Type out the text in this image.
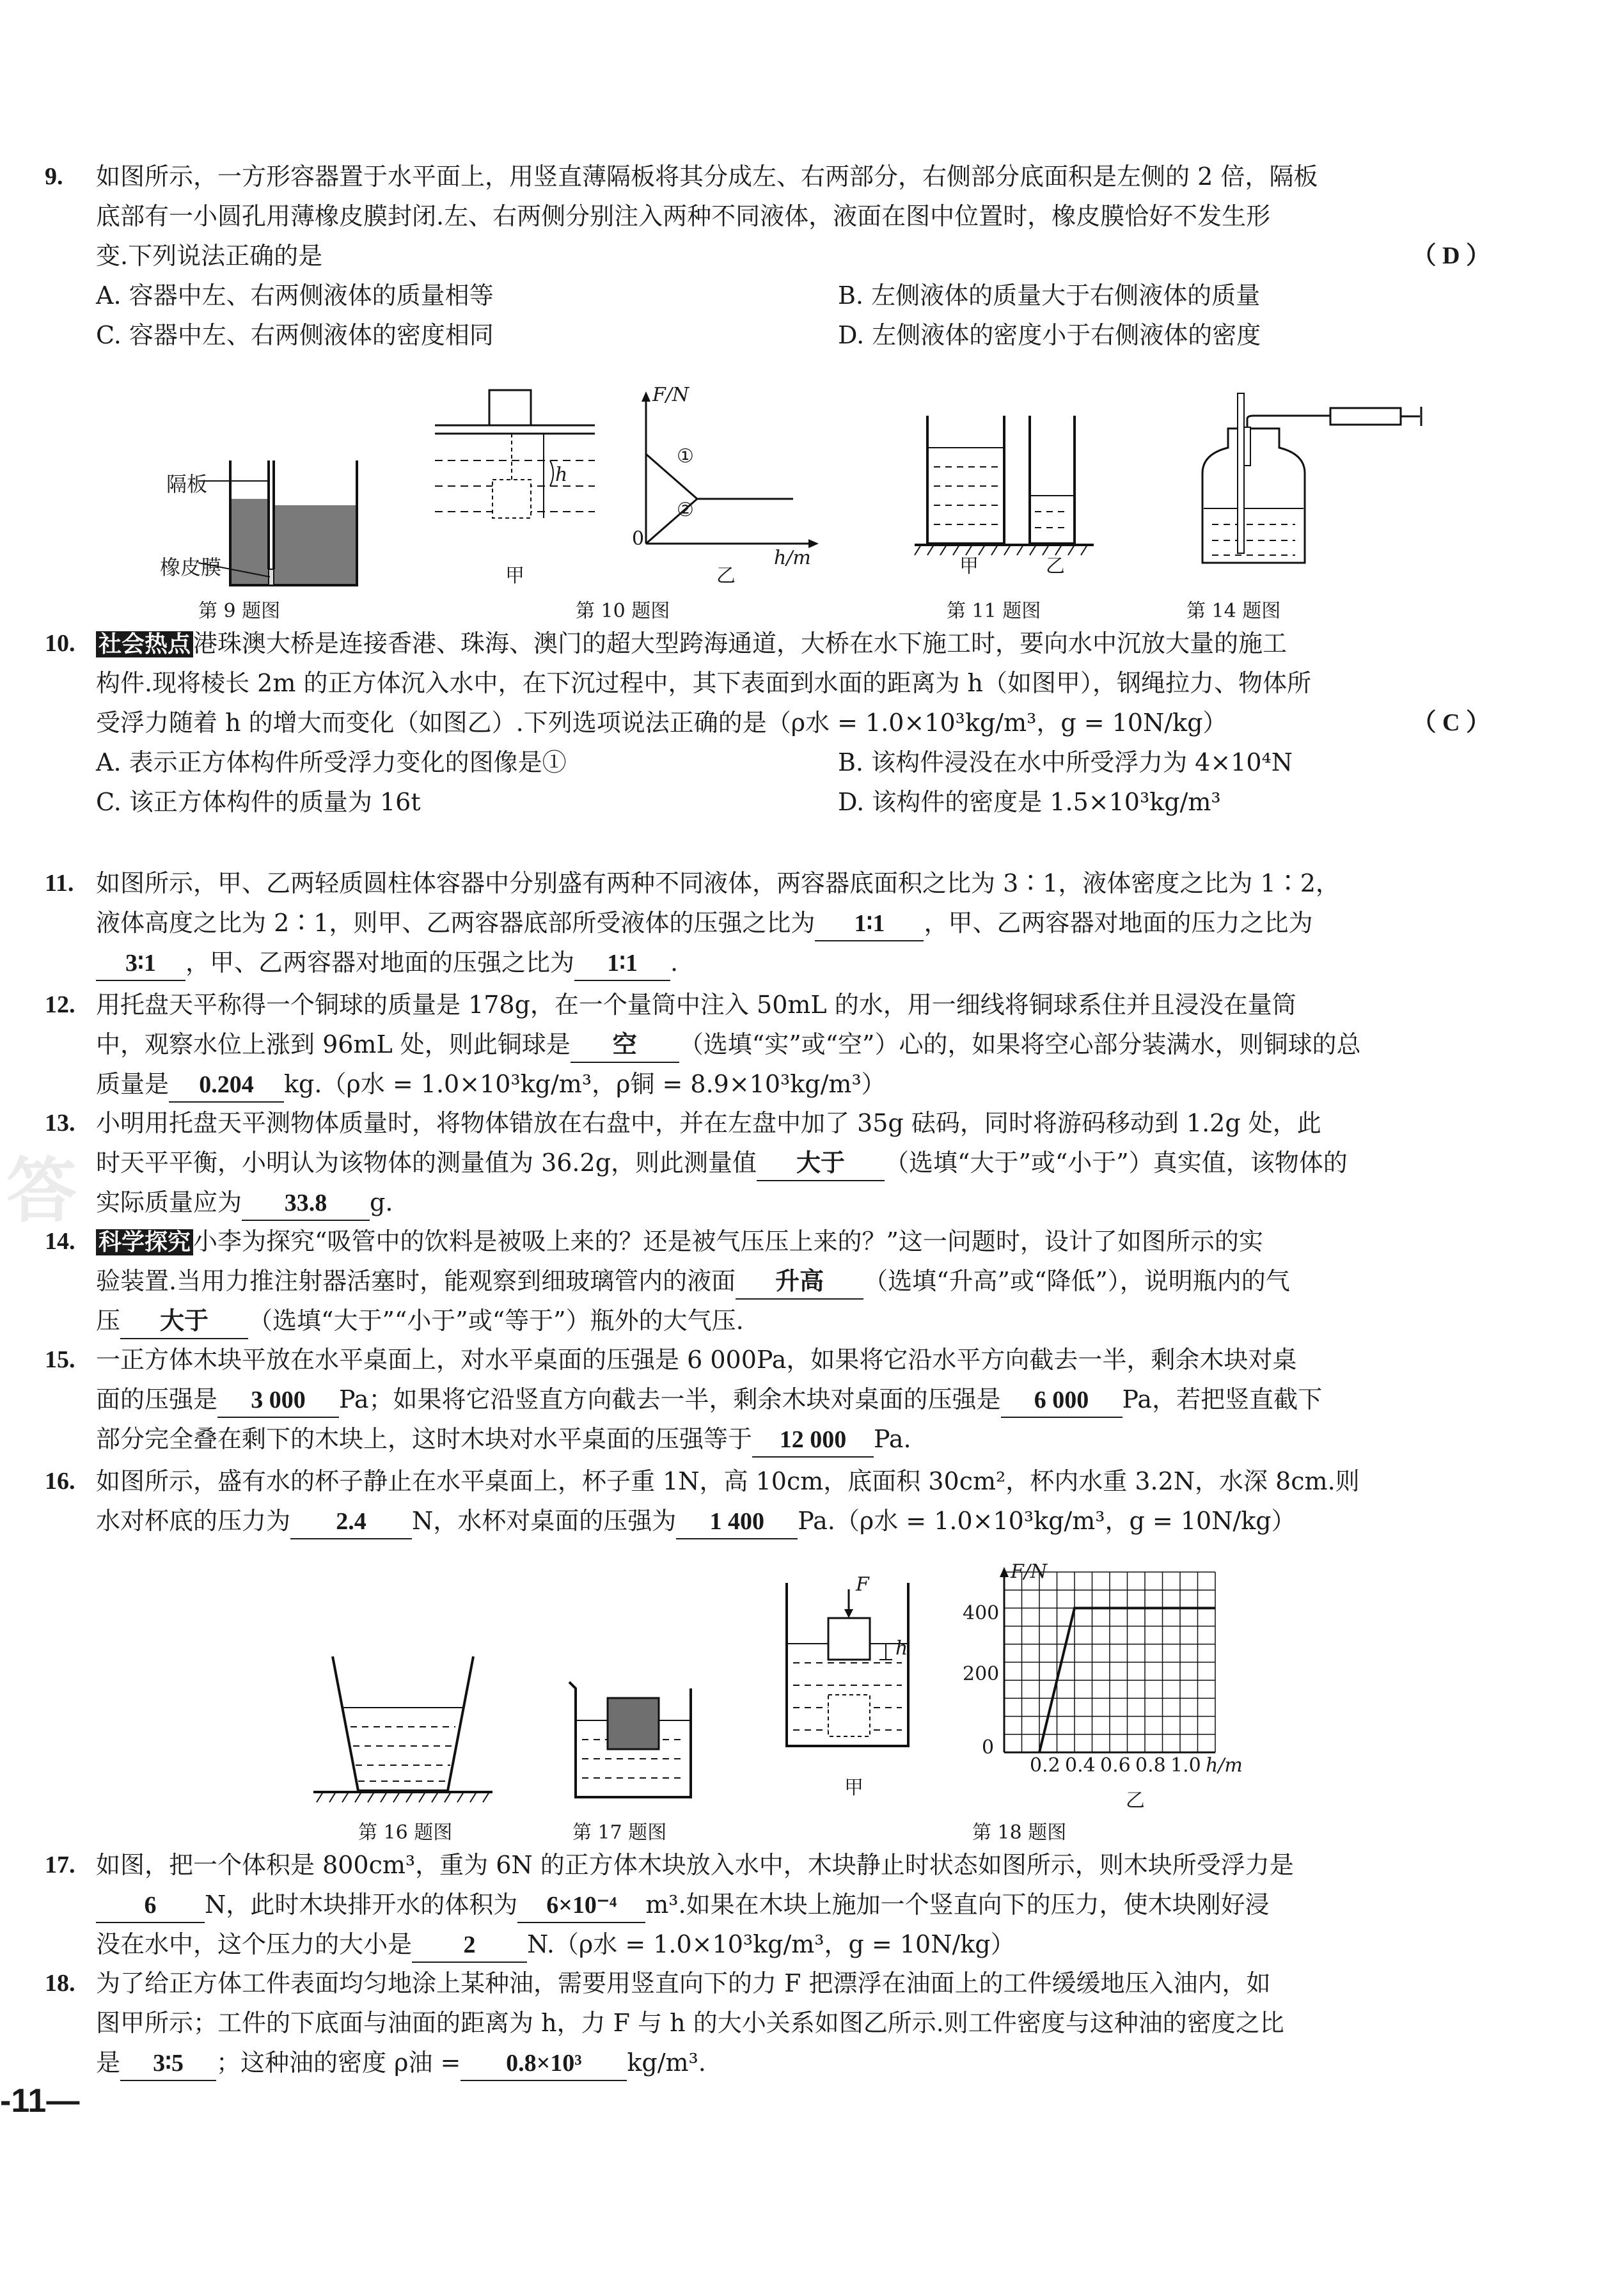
答
9. 如图所示，一方形容器置于水平面上，用竖直薄隔板将其分成左、右两部分，右侧部分底面积是左侧的 2 倍，隔板
底部有一小圆孔用薄橡皮膜封闭.左、右两侧分别注入两种不同液体，液面在图中位置时，橡皮膜恰好不发生形
变.下列说法正确的是	（ D ）
A. 容器中左、右两侧液体的质量相等	B. 左侧液体的质量大于右侧液体的质量
C. 容器中左、右两侧液体的密度相同	D. 左侧液体的密度小于右侧液体的密度
隔板
橡皮膜
第 9 题图
h
甲
F/N
h/m
0
①
②
乙
第 10 题图
甲	乙
第 11 题图	第 14 题图
10. 社会热点 港珠澳大桥是连接香港、珠海、澳门的超大型跨海通道，大桥在水下施工时，要向水中沉放大量的施工
构件.现将棱长 2m 的正方体沉入水中，在下沉过程中，其下表面到水面的距离为 h（如图甲），钢绳拉力、物体所
受浮力随着 h 的增大而变化（如图乙）.下列选项说法正确的是（ρ水 = 1.0×10³kg/m³，g = 10N/kg）	（ C ）
A. 表示正方体构件所受浮力变化的图像是①	B. 该构件浸没在水中所受浮力为 4×10⁴N
C. 该正方体构件的质量为 16t	D. 该构件的密度是 1.5×10³kg/m³
11. 如图所示，甲、乙两轻质圆柱体容器中分别盛有两种不同液体，两容器底面积之比为 3∶1，液体密度之比为 1∶2，
液体高度之比为 2∶1，则甲、乙两容器底部所受液体的压强之比为 1∶1 ，甲、乙两容器对地面的压力之比为
3∶1 ，甲、乙两容器对地面的压强之比为 1∶1 .
12. 用托盘天平称得一个铜球的质量是 178g，在一个量筒中注入 50mL 的水，用一细线将铜球系住并且浸没在量筒
中，观察水位上涨到 96mL 处，则此铜球是 空 （选填“实”或“空”）心的，如果将空心部分装满水，则铜球的总
质量是 0.204 kg.（ρ水 = 1.0×10³kg/m³，ρ铜 = 8.9×10³kg/m³）
13. 小明用托盘天平测物体质量时，将物体错放在右盘中，并在左盘中加了 35g 砝码，同时将游码移动到 1.2g 处，此
时天平平衡，小明认为该物体的测量值为 36.2g，则此测量值 大于 （选填“大于”或“小于”）真实值，该物体的
实际质量应为 33.8 g.
14. 科学探究 小李为探究“吸管中的饮料是被吸上来的？还是被气压压上来的？”这一问题时，设计了如图所示的实
验装置.当用力推注射器活塞时，能观察到细玻璃管内的液面 升高 （选填“升高”或“降低”），说明瓶内的气
压 大于 （选填“大于”“小于”或“等于”）瓶外的大气压.
15. 一正方体木块平放在水平桌面上，对水平桌面的压强是 6 000Pa，如果将它沿水平方向截去一半，剩余木块对桌
面的压强是 3 000 Pa；如果将它沿竖直方向截去一半，剩余木块对桌面的压强是 6 000 Pa，若把竖直截下
部分完全叠在剩下的木块上，这时木块对水平桌面的压强等于 12 000 Pa.
16. 如图所示，盛有水的杯子静止在水平桌面上，杯子重 1N，高 10cm，底面积 30cm²，杯内水重 3.2N，水深 8cm.则
水对杯底的压力为 2.4 N，水杯对桌面的压强为 1 400 Pa.（ρ水 = 1.0×10³kg/m³，g = 10N/kg）
第 16 题图	第 17 题图
F
h
甲
F/N
400
200
0
0.2 0.4 0.6 0.8 1.0 h/m
乙
第 18 题图
17. 如图，把一个体积是 800cm³，重为 6N 的正方体木块放入水中，木块静止时状态如图所示，则木块所受浮力是
6 N，此时木块排开水的体积为 6×10⁻⁴ m³.如果在木块上施加一个竖直向下的压力，使木块刚好浸
没在水中，这个压力的大小是 2 N.（ρ水 = 1.0×10³kg/m³，g = 10N/kg）
18. 为了给正方体工件表面均匀地涂上某种油，需要用竖直向下的力 F 把漂浮在油面上的工件缓缓地压入油内，如
图甲所示；工件的下底面与油面的距离为 h，力 F 与 h 的大小关系如图乙所示.则工件密度与这种油的密度之比
是 3∶5 ；这种油的密度 ρ油 = 0.8×10³ kg/m³.
-11—
